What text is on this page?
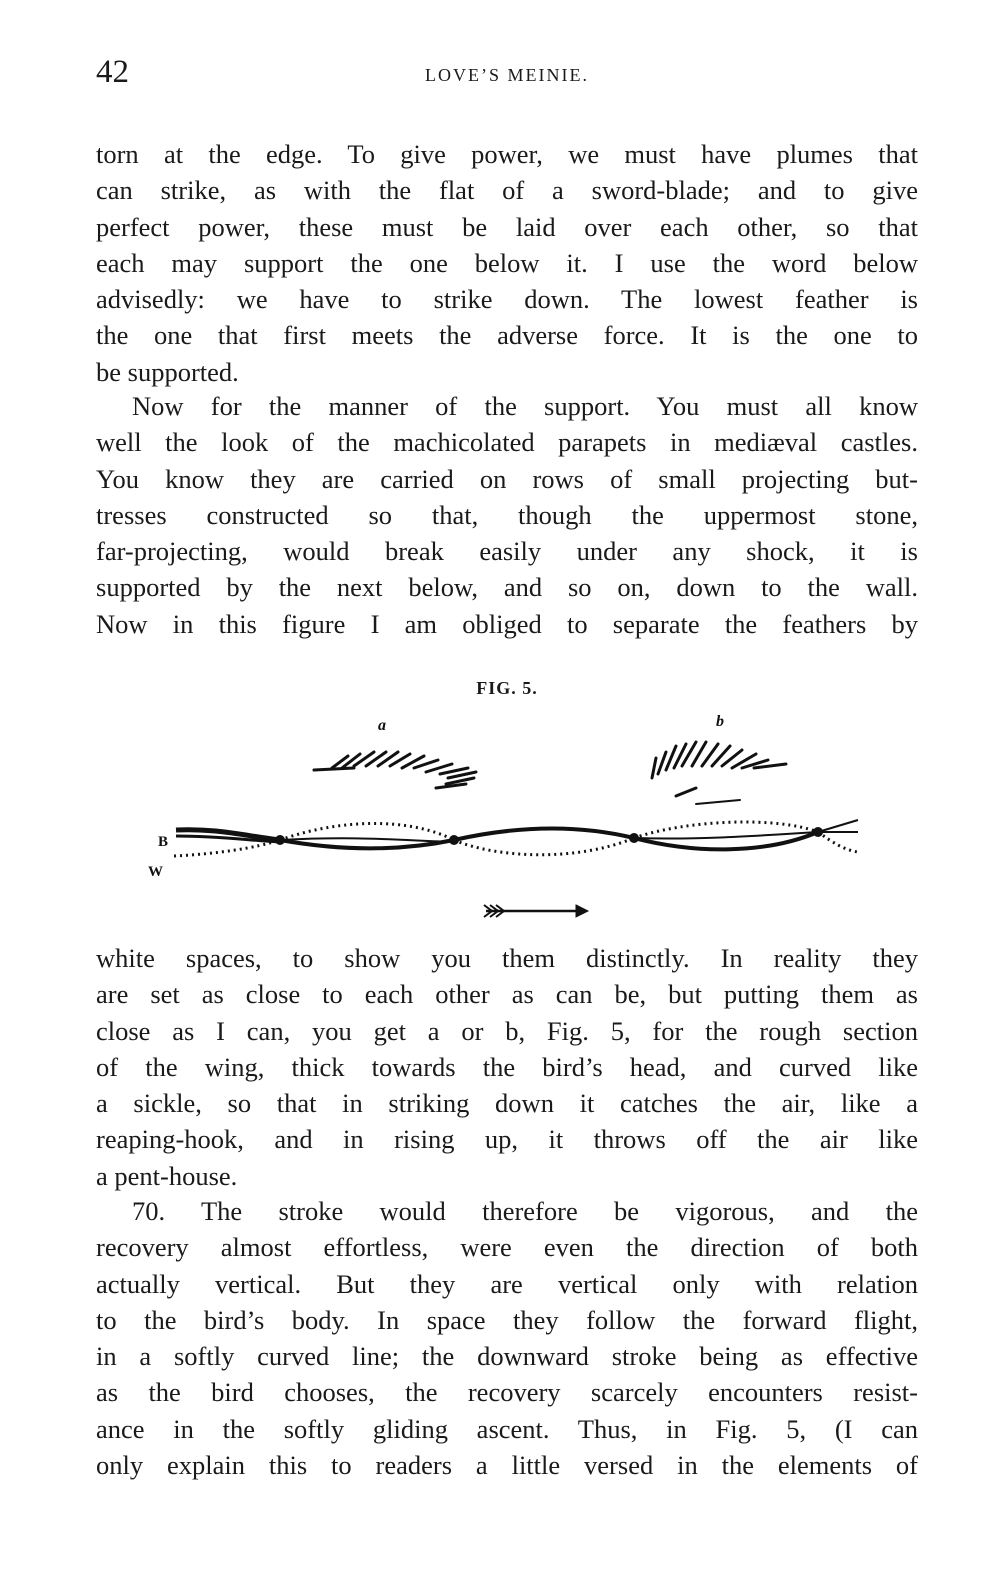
42	LOVE’S MEINIE.
torn at the edge. To give power, we must have plumes that
can strike, as with the flat of a sword-blade; and to give
perfect power, these must be laid over each other, so that
each may support the one below it. I use the word below
advisedly: we have to strike down. The lowest feather is
the one that first meets the adverse force. It is the one to
be supported.
Now for the manner of the support. You must all know
well the look of the machicolated parapets in mediæval castles.
You know they are carried on rows of small projecting but-
tresses constructed so that, though the uppermost stone,
far-projecting, would break easily under any shock, it is
supported by the next below, and so on, down to the wall.
Now in this figure I am obliged to separate the feathers by
FIG. 5.
a	b
B
W
white spaces, to show you them distinctly. In reality they
are set as close to each other as can be, but putting them as
close as I can, you get a or b, Fig. 5, for the rough section
of the wing, thick towards the bird’s head, and curved like
a sickle, so that in striking down it catches the air, like a
reaping-hook, and in rising up, it throws off the air like
a pent-house.
70. The stroke would therefore be vigorous, and the
recovery almost effortless, were even the direction of both
actually vertical. But they are vertical only with relation
to the bird’s body. In space they follow the forward flight,
in a softly curved line; the downward stroke being as effective
as the bird chooses, the recovery scarcely encounters resist-
ance in the softly gliding ascent. Thus, in Fig. 5, (I can
only explain this to readers a little versed in the elements of
